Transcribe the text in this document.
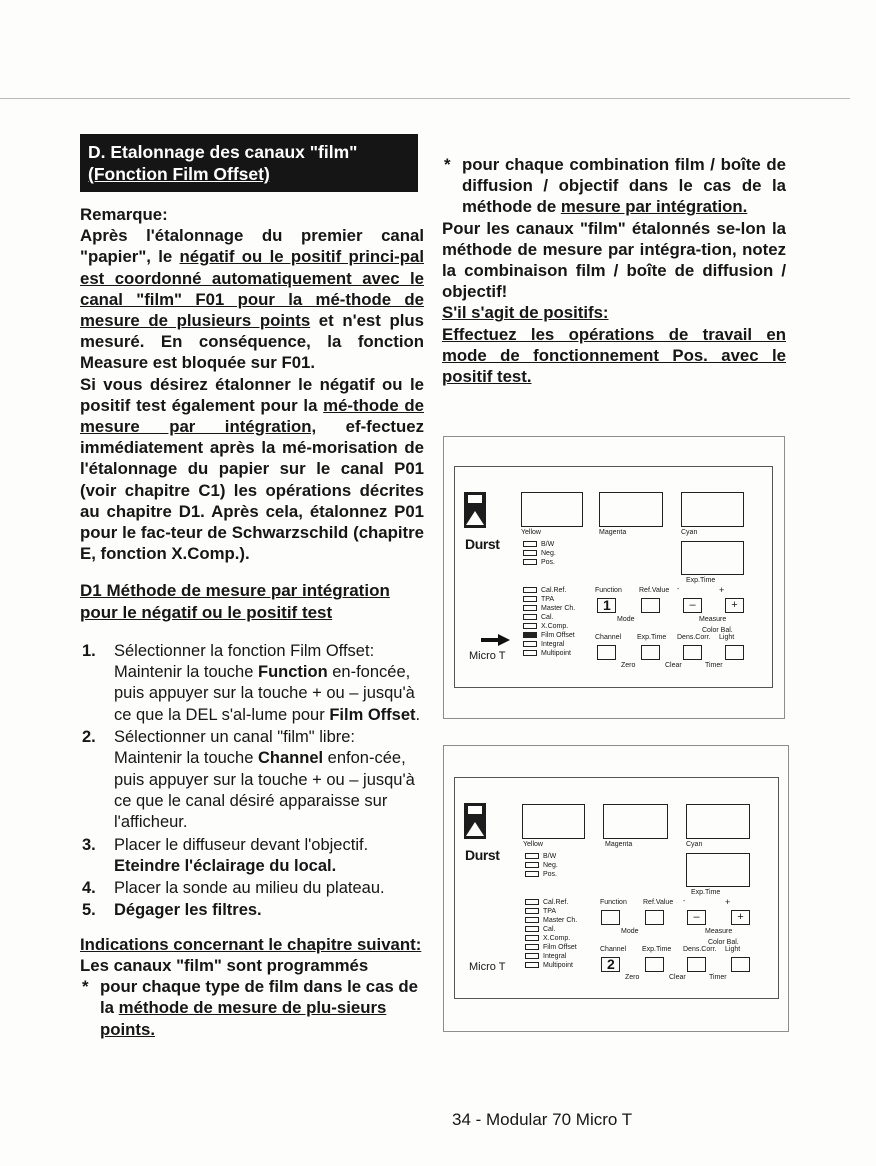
D. Etalonnage des canaux "film"
(Fonction Film Offset)
Remarque:
Après l'étalonnage du premier canal "papier", le négatif ou le positif princi-pal est coordonné automatiquement avec le canal "film" F01 pour la mé-thode de mesure de plusieurs points et n'est plus mesuré. En conséquence, la fonction Measure est bloquée sur F01.
Si vous désirez étalonner le négatif ou le positif test également pour la mé-thode de mesure par intégration, ef-fectuez immédiatement après la mé-morisation de l'étalonnage du papier sur le canal P01 (voir chapitre C1) les opérations décrites au chapitre D1. Après cela, étalonnez P01 pour le fac-teur de Schwarzschild (chapitre E, fonction X.Comp.).
D1 Méthode de mesure par intégration pour le négatif ou le positif test
1. Sélectionner la fonction Film Offset: Maintenir la touche Function en-foncée, puis appuyer sur la touche + ou – jusqu'à ce que la DEL s'al-lume pour Film Offset.
2. Sélectionner un canal "film" libre: Maintenir la touche Channel enfon-cée, puis appuyer sur la touche + ou – jusqu'à ce que le canal désiré apparaisse sur l'afficheur.
3. Placer le diffuseur devant l'objectif. Eteindre l'éclairage du local.
4. Placer la sonde au milieu du plateau.
5. Dégager les filtres.
Indications concernant le chapitre suivant:
Les canaux "film" sont programmés
* pour chaque type de film dans le cas de la méthode de mesure de plu-sieurs points.
* pour chaque combination film / boîte de diffusion / objectif dans le cas de la méthode de mesure par intégration.
Pour les canaux "film" étalonnés se-lon la méthode de mesure par intégra-tion, notez la combinaison film / boîte de diffusion / objectif!
S'il s'agit de positifs:
Effectuez les opérations de travail en mode de fonctionnement Pos. avec le positif test.
Durst
Micro T
Yellow	Magenta	Cyan
Exp.Time
B/W
Neg.
Pos.
Cal.Ref.
TPA
Master Ch.
Cal.
X.Comp.
Film Offset
Integral
Multipoint
Function Ref.Value -	+
1	–	+
Mode	Measure
Color Bal.
Channel Exp.Time Dens.Corr. Light
Zero	Clear	Timer
Durst
Micro T
Yellow	Magenta	Cyan
Exp.Time
B/W
Neg.
Pos.
Cal.Ref.
TPA
Master Ch.
Cal.
X.Comp.
Film Offset
Integral
Multipoint
Function Ref.Value -	+
–	+
Mode	Measure
Color Bal.
Channel Exp.Time Dens.Corr. Light
2
Zero	Clear	Timer
34 - Modular 70 Micro T
